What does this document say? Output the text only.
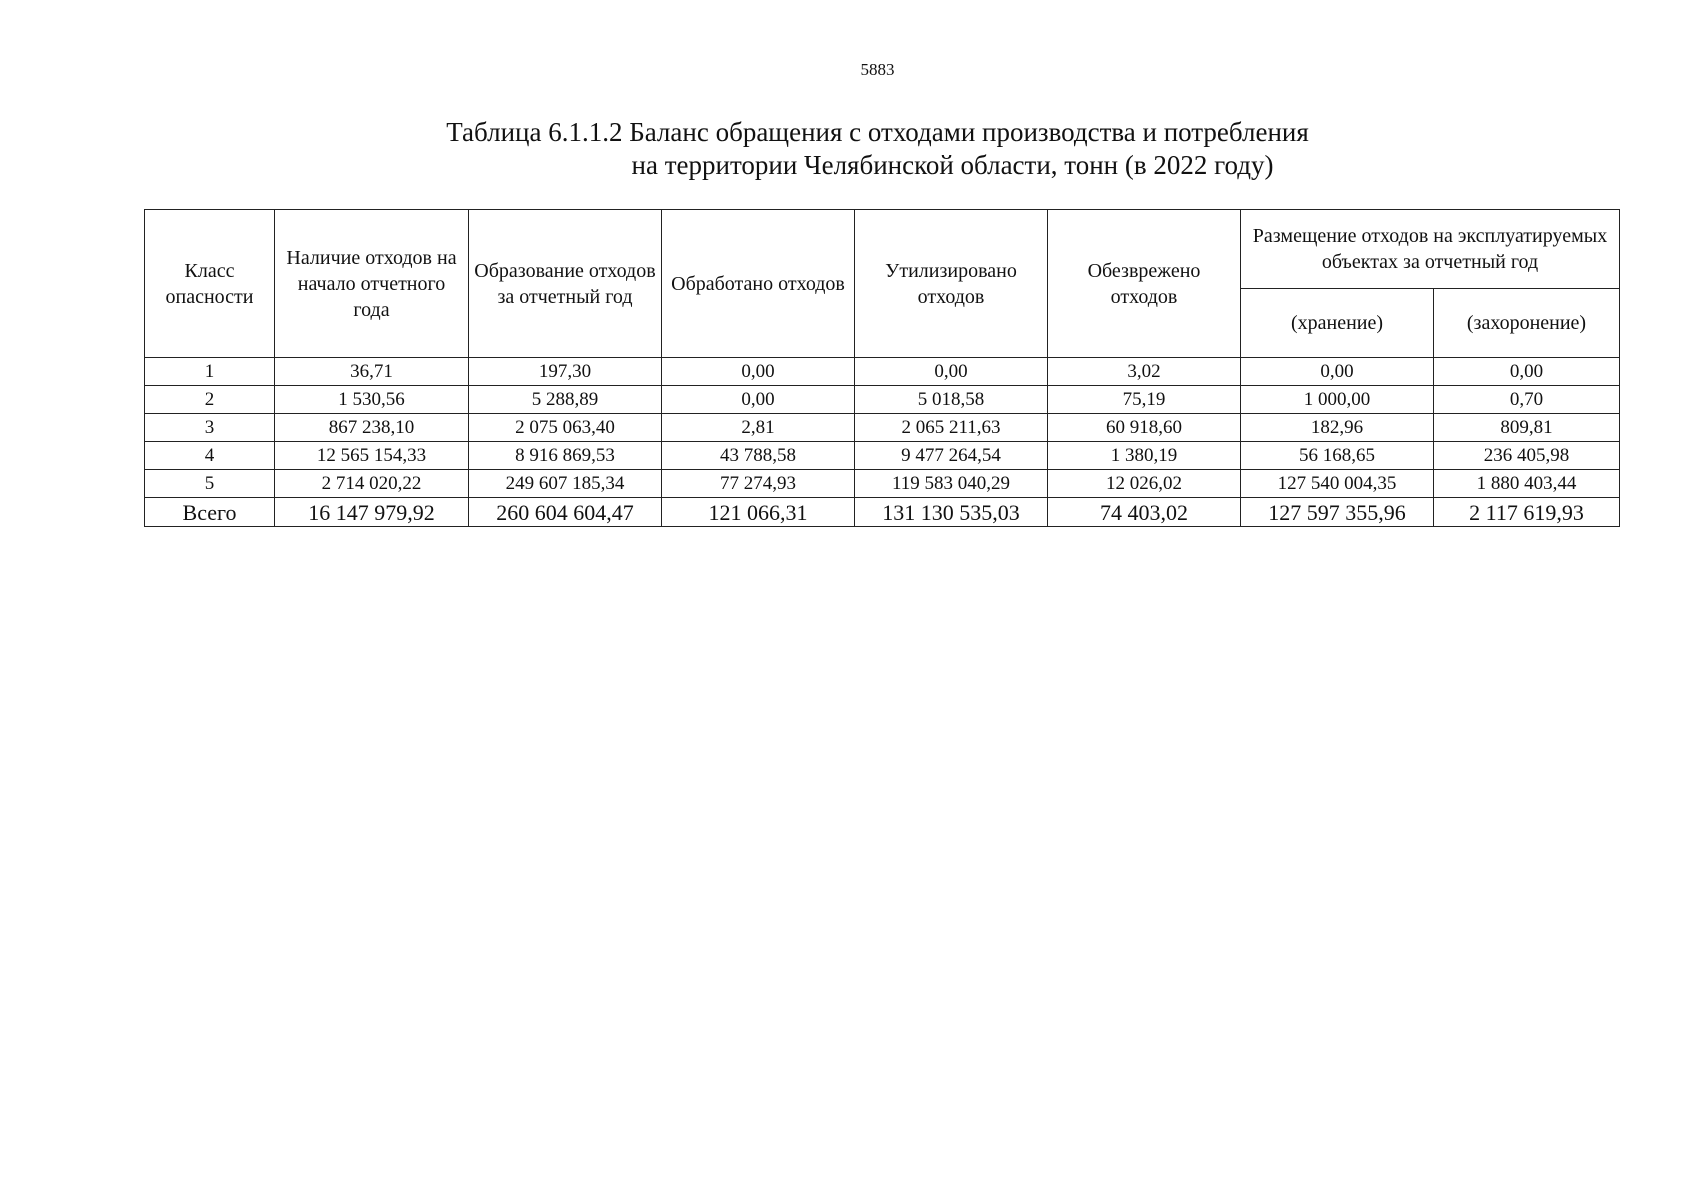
5883
Таблица 6.1.1.2 Баланс обращения с отходами производства и потребления
на территории Челябинской области, тонн (в 2022 году)
Класс опасности	Наличие отходов на начало отчетного года	Образование отходов за отчетный год	Обработано отходов	Утилизировано отходов	Обезврежено отходов	Размещение отходов на эксплуатируемых объектах за отчетный год	
						(хранение)	(захоронение)
1	36,71	197,30	0,00	0,00	3,02	0,00	0,00
2	1 530,56	5 288,89	0,00	5 018,58	75,19	1 000,00	0,70
3	867 238,10	2 075 063,40	2,81	2 065 211,63	60 918,60	182,96	809,81
4	12 565 154,33	8 916 869,53	43 788,58	9 477 264,54	1 380,19	56 168,65	236 405,98
5	2 714 020,22	249 607 185,34	77 274,93	119 583 040,29	12 026,02	127 540 004,35	1 880 403,44
Всего	16 147 979,92	260 604 604,47	121 066,31	131 130 535,03	74 403,02	127 597 355,96	2 117 619,93
